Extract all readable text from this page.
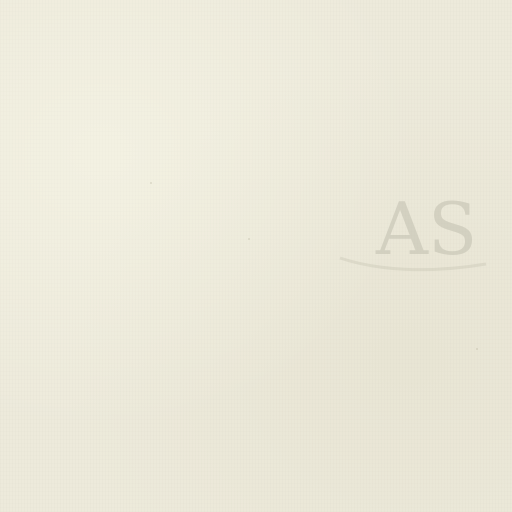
AS
